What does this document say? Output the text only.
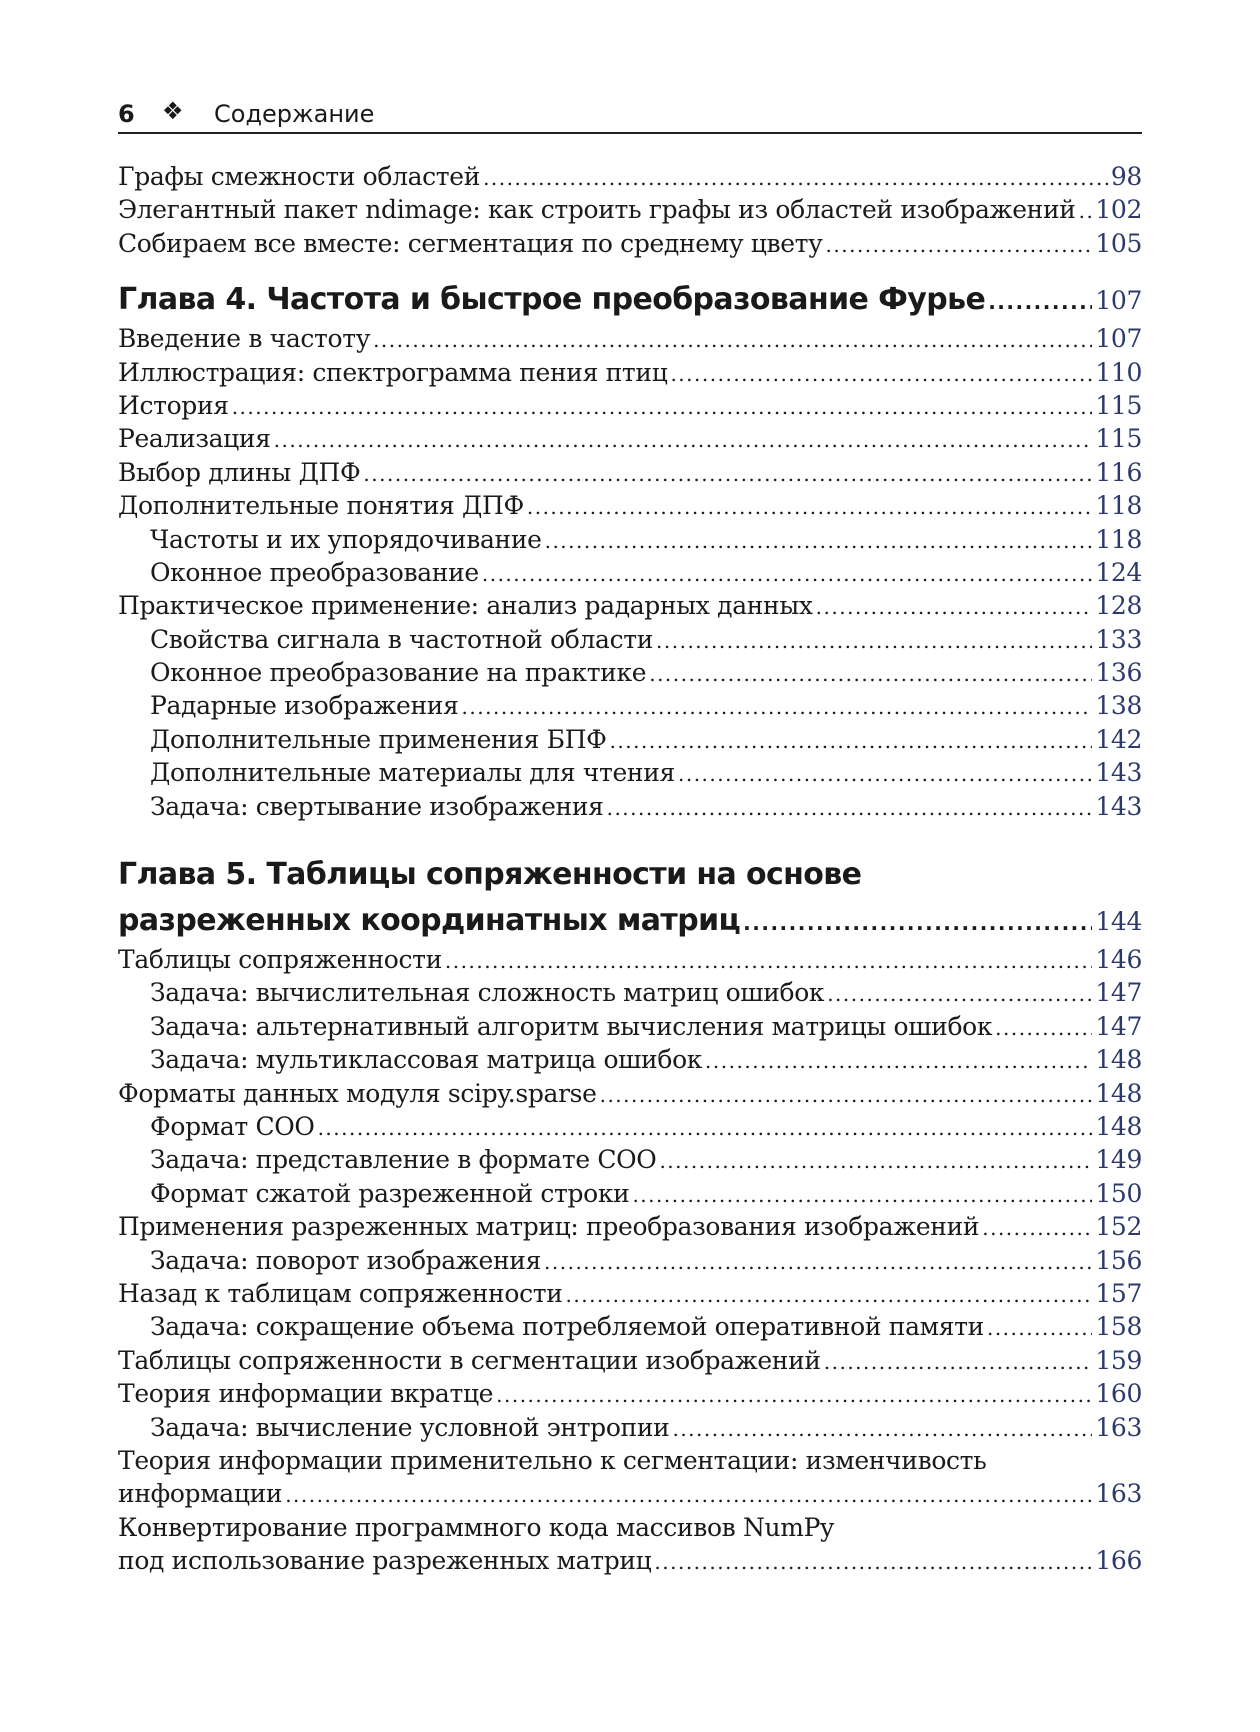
6 ❖ Содержание
Графы смежности областей .....	98
Элегантный пакет ndimage: как строить графы из областей изображений ..... 102
Собираем все вместе: сегментация по среднему цвету .....	105
Глава 4. Частота и быстрое преобразование Фурье .....	107
Введение в частоту .....	107
Иллюстрация: спектрограмма пения птиц .....	110
История .....	115
Реализация .....	115
Выбор длины ДПФ .....	116
Дополнительные понятия ДПФ .....	118
Частоты и их упорядочивание .....	118
Оконное преобразование .....	124
Практическое применение: анализ радарных данных .....	128
Свойства сигнала в частотной области .....	133
Оконное преобразование на практике .....	136
Радарные изображения .....	138
Дополнительные применения БПФ .....	142
Дополнительные материалы для чтения .....	143
Задача: свертывание изображения .....	143
Глава 5. Таблицы сопряженности на основе
разреженных координатных матриц .....	144
Таблицы сопряженности .....	146
Задача: вычислительная сложность матриц ошибок .....	147
Задача: альтернативный алгоритм вычисления матрицы ошибок .....	147
Задача: мультиклассовая матрица ошибок .....	148
Форматы данных модуля scipy.sparse .....	148
Формат COO .....	148
Задача: представление в формате COO .....	149
Формат сжатой разреженной строки .....	150
Применения разреженных матриц: преобразования изображений .....	152
Задача: поворот изображения .....	156
Назад к таблицам сопряженности .....	157
Задача: сокращение объема потребляемой оперативной памяти .....	158
Таблицы сопряженности в сегментации изображений .....	159
Теория информации вкратце .....	160
Задача: вычисление условной энтропии .....	163
Теория информации применительно к сегментации: изменчивость
информации .....	163
Конвертирование программного кода массивов NumPy
под использование разреженных матриц .....	166
